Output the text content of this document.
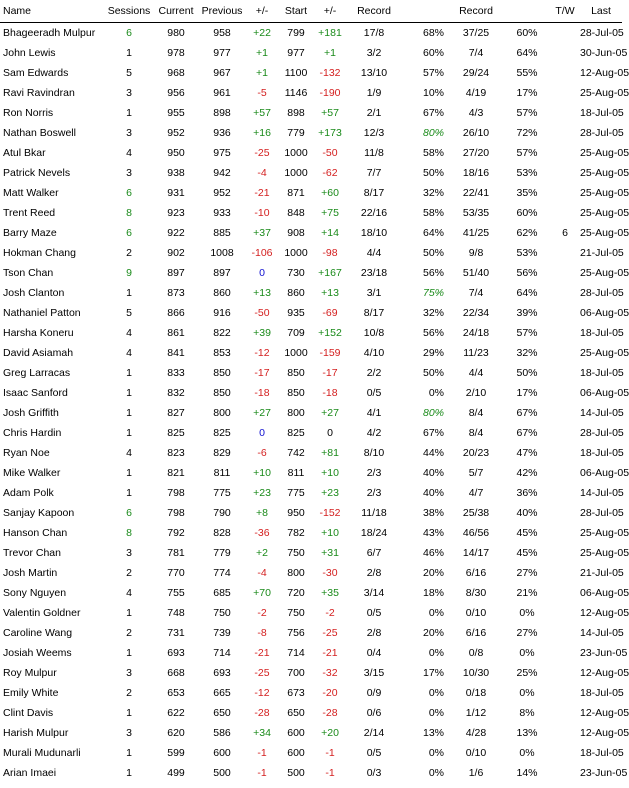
Name	Sessions	Current	Previous	+/-	Start	+/-	Record		Record		T/W	Last
Bhageeradh Mulpur	6	980	958	+22	799	+181	17/8	68%	37/25	60%		28-Jul-05
John Lewis	1	978	977	+1	977	+1	3/2	60%	7/4	64%		30-Jun-05
Sam Edwards	5	968	967	+1	1100	-132	13/10	57%	29/24	55%		12-Aug-05
Ravi Ravindran	3	956	961	-5	1146	-190	1/9	10%	4/19	17%		25-Aug-05
Ron Norris	1	955	898	+57	898	+57	2/1	67%	4/3	57%		18-Jul-05
Nathan Boswell	3	952	936	+16	779	+173	12/3	80%	26/10	72%		28-Jul-05
Atul Bkar	4	950	975	-25	1000	-50	11/8	58%	27/20	57%		25-Aug-05
Patrick Nevels	3	938	942	-4	1000	-62	7/7	50%	18/16	53%		25-Aug-05
Matt Walker	6	931	952	-21	871	+60	8/17	32%	22/41	35%		25-Aug-05
Trent Reed	8	923	933	-10	848	+75	22/16	58%	53/35	60%		25-Aug-05
Barry Maze	6	922	885	+37	908	+14	18/10	64%	41/25	62%	6	25-Aug-05
Hokman Chang	2	902	1008	-106	1000	-98	4/4	50%	9/8	53%		21-Jul-05
Tson Chan	9	897	897	0	730	+167	23/18	56%	51/40	56%		25-Aug-05
Josh Clanton	1	873	860	+13	860	+13	3/1	75%	7/4	64%		28-Jul-05
Nathaniel Patton	5	866	916	-50	935	-69	8/17	32%	22/34	39%		06-Aug-05
Harsha Koneru	4	861	822	+39	709	+152	10/8	56%	24/18	57%		18-Jul-05
David Asiamah	4	841	853	-12	1000	-159	4/10	29%	11/23	32%		25-Aug-05
Greg Larracas	1	833	850	-17	850	-17	2/2	50%	4/4	50%		18-Jul-05
Isaac Sanford	1	832	850	-18	850	-18	0/5	0%	2/10	17%		06-Aug-05
Josh Griffith	1	827	800	+27	800	+27	4/1	80%	8/4	67%		14-Jul-05
Chris Hardin	1	825	825	0	825	0	4/2	67%	8/4	67%		28-Jul-05
Ryan Noe	4	823	829	-6	742	+81	8/10	44%	20/23	47%		18-Jul-05
Mike Walker	1	821	811	+10	811	+10	2/3	40%	5/7	42%		06-Aug-05
Adam Polk	1	798	775	+23	775	+23	2/3	40%	4/7	36%		14-Jul-05
Sanjay Kapoon	6	798	790	+8	950	-152	11/18	38%	25/38	40%		28-Jul-05
Hanson Chan	8	792	828	-36	782	+10	18/24	43%	46/56	45%		25-Aug-05
Trevor Chan	3	781	779	+2	750	+31	6/7	46%	14/17	45%		25-Aug-05
Josh Martin	2	770	774	-4	800	-30	2/8	20%	6/16	27%		21-Jul-05
Sony Nguyen	4	755	685	+70	720	+35	3/14	18%	8/30	21%		06-Aug-05
Valentin Goldner	1	748	750	-2	750	-2	0/5	0%	0/10	0%		12-Aug-05
Caroline Wang	2	731	739	-8	756	-25	2/8	20%	6/16	27%		14-Jul-05
Josiah Weems	1	693	714	-21	714	-21	0/4	0%	0/8	0%		23-Jun-05
Roy Mulpur	3	668	693	-25	700	-32	3/15	17%	10/30	25%		12-Aug-05
Emily White	2	653	665	-12	673	-20	0/9	0%	0/18	0%		18-Jul-05
Clint Davis	1	622	650	-28	650	-28	0/6	0%	1/12	8%		12-Aug-05
Harish Mulpur	3	620	586	+34	600	+20	2/14	13%	4/28	13%		12-Aug-05
Murali Mudunarli	1	599	600	-1	600	-1	0/5	0%	0/10	0%		18-Jul-05
Arian Imaei	1	499	500	-1	500	-1	0/3	0%	1/6	14%		23-Jun-05
